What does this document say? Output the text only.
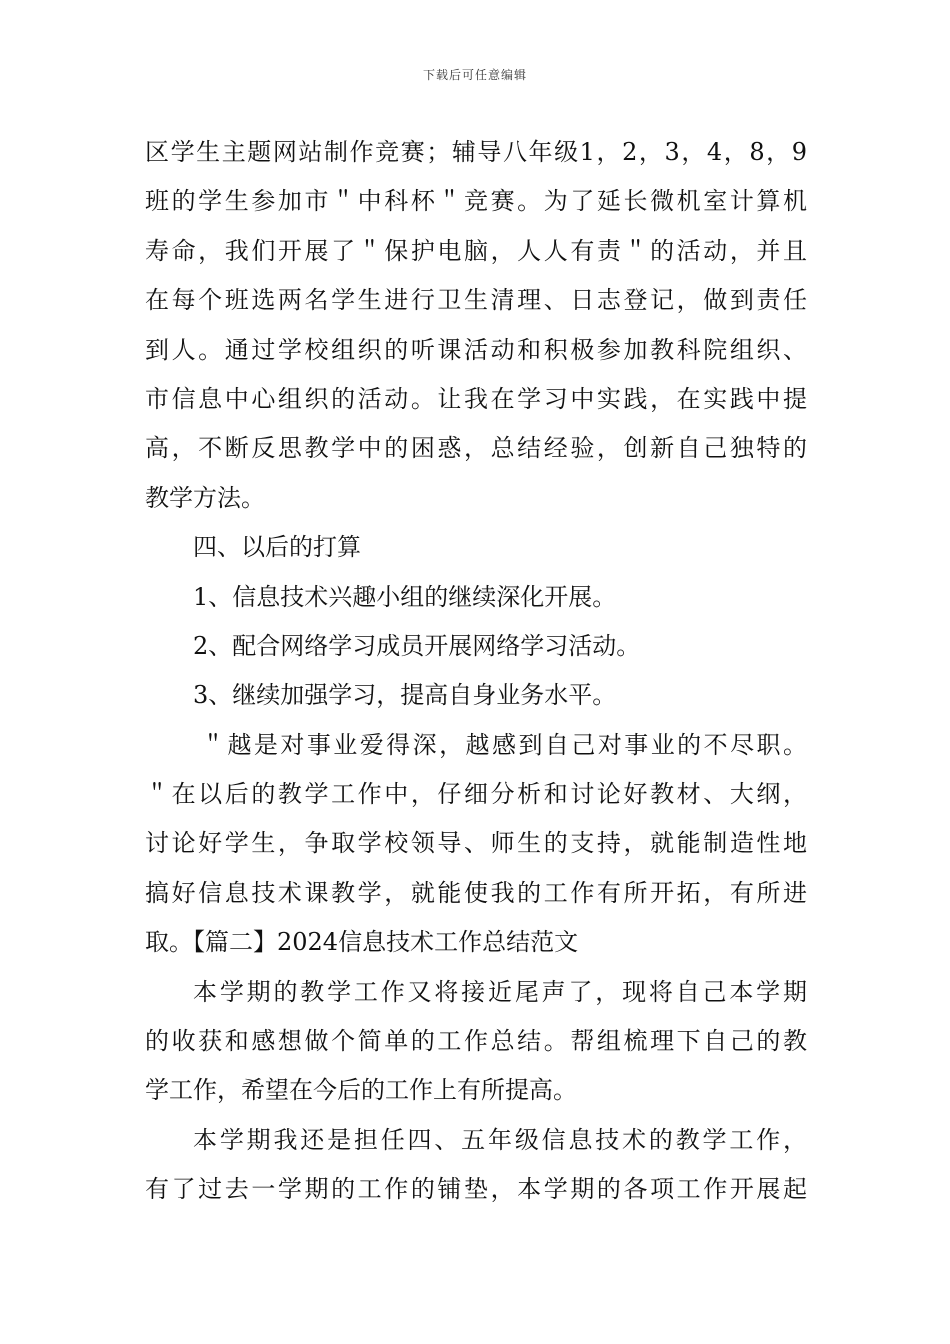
下载后可任意编辑
区学生主题网站制作竞赛；辅导八年级1，2，3，4，8，9
班的学生参加市＂中科杯＂竞赛。为了延长微机室计算机
寿命，我们开展了＂保护电脑，人人有责＂的活动，并且
在每个班选两名学生进行卫生清理、日志登记，做到责任
到人。通过学校组织的听课活动和积极参加教科院组织、
市信息中心组织的活动。让我在学习中实践，在实践中提
高，不断反思教学中的困惑，总结经验，创新自己独特的
教学方法。
四、以后的打算
1、信息技术兴趣小组的继续深化开展。
2、配合网络学习成员开展网络学习活动。
3、继续加强学习，提高自身业务水平。
＂越是对事业爱得深，越感到自己对事业的不尽职。
＂在以后的教学工作中，仔细分析和讨论好教材、大纲，
讨论好学生，争取学校领导、师生的支持，就能制造性地
搞好信息技术课教学，就能使我的工作有所开拓，有所进
取。【篇二】2024信息技术工作总结范文
本学期的教学工作又将接近尾声了，现将自己本学期
的收获和感想做个简单的工作总结。帮组梳理下自己的教
学工作，希望在今后的工作上有所提高。
本学期我还是担任四、五年级信息技术的教学工作，
有了过去一学期的工作的铺垫，本学期的各项工作开展起
